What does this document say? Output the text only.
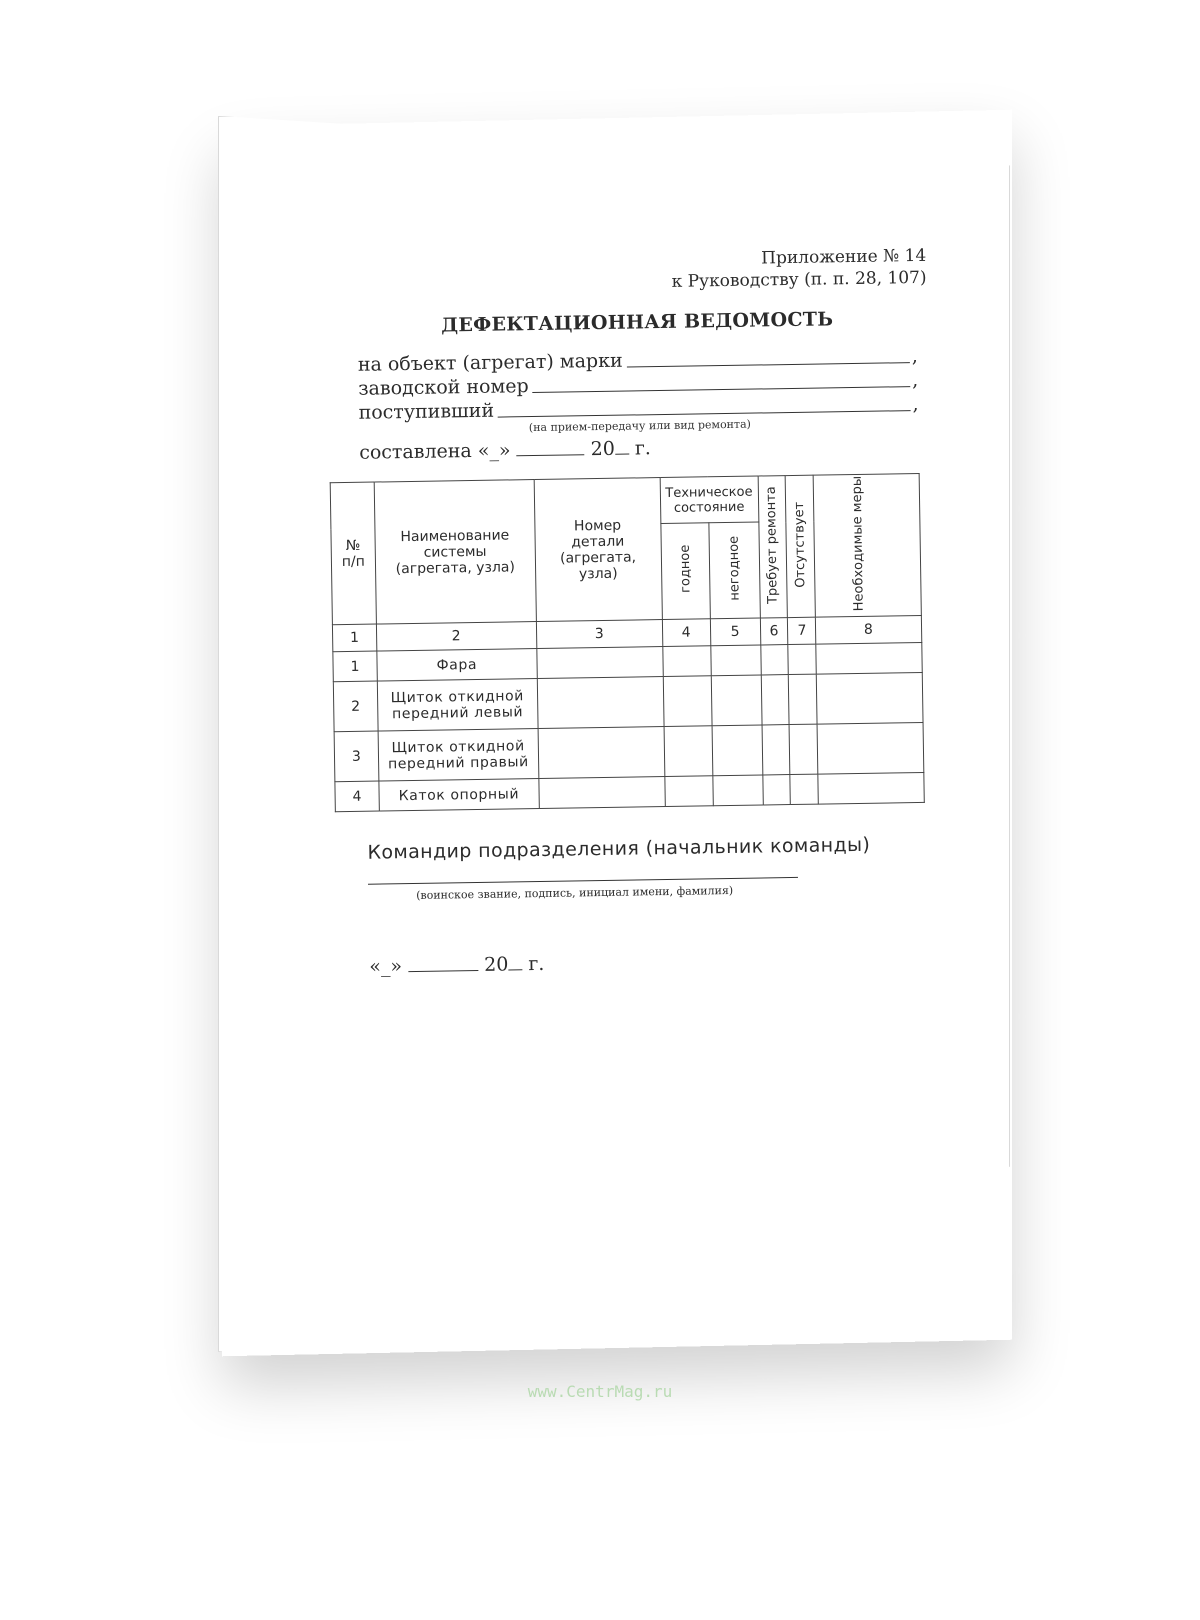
Приложение № 14
к Руководству (п. п. 28, 107)
ДЕФЕКТАЦИОННАЯ ВЕДОМОСТЬ
на объект (агрегат) марки	,
заводской номер	,
поступивший	,
(на прием-передачу или вид ремонта)
составлена «_»	20 г.
№
п/п	Наименование системы (агрегата, узла)	Номер детали (агрегата, узла)	Техническое состояние		Требует ремонта	Отсутствует	Необходимые меры
			годное	негодное			
1	2	3	4	5	6	7	8
1	Фара						
2	Щиток откидной передний левый						
3	Щиток откидной передний правый						
4	Каток опорный						
Командир подразделения (начальник команды)
(воинское звание, подпись, инициал имени, фамилия)
«_»	20 г.
www.CentrMag.ru
